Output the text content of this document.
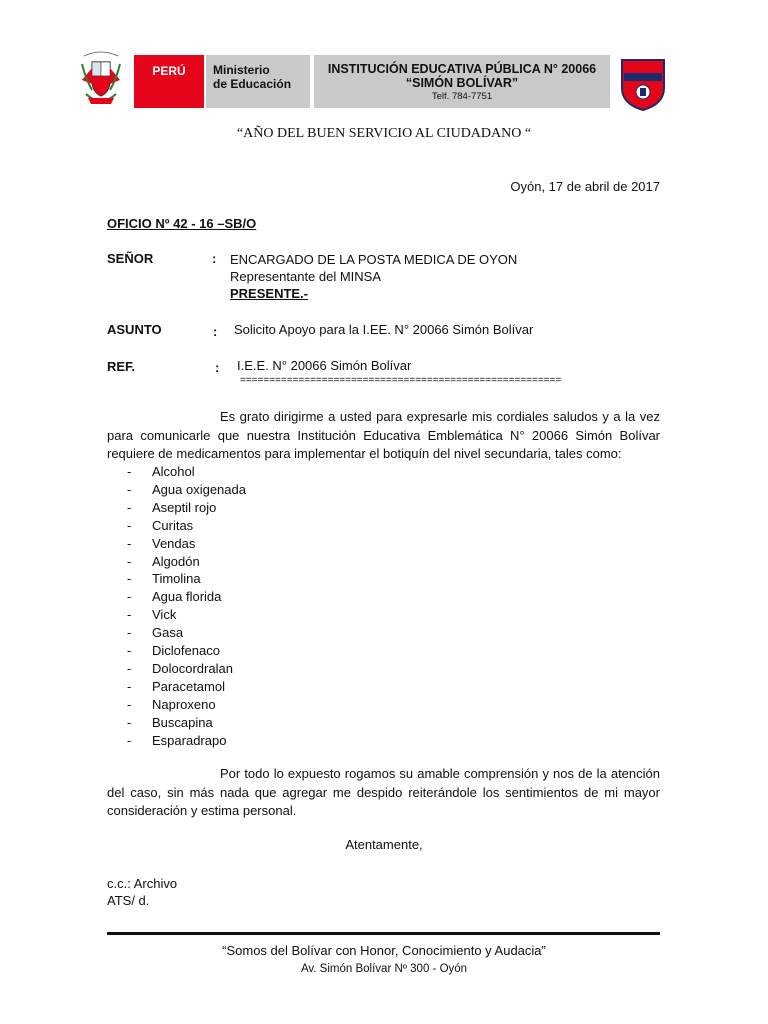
PERÚ	Ministerio
de Educación
INSTITUCIÓN EDUCATIVA PÚBLICA N° 20066
“SIMÓN BOLÍVAR”
Telf. 784-7751
“AÑO DEL BUEN SERVICIO AL CIUDADANO “
Oyón, 17 de abril de 2017
OFICIO Nº 42 - 16 –SB/O
SEÑOR	: ENCARGADO DE LA POSTA MEDICA DE OYON
Representante del MINSA
PRESENTE.-
ASUNTO	: Solicito Apoyo para la I.EE. N° 20066 Simón Bolívar
REF.	: I.E.E. N° 20066 Simón Bolívar
=======================================================
Es grato dirigirme a usted para expresarle mis cordiales saludos y a la vez para comunicarle que nuestra Institución Educativa Emblemática N° 20066 Simón Bolívar requiere de medicamentos para implementar el botiquín del nivel secundaria, tales como:
- Alcohol
- Agua oxigenada
- Aseptil rojo
- Curitas
- Vendas
- Algodón
- Timolina
- Agua florida
- Vick
- Gasa
- Diclofenaco
- Dolocordralan
- Paracetamol
- Naproxeno
- Buscapina
- Esparadrapo
Por todo lo expuesto rogamos su amable comprensión y nos de la atención del caso, sin más nada que agregar me despido reiterándole los sentimientos de mi mayor consideración y estima personal.
Atentamente,
c.c.: Archivo
ATS/ d.
“Somos del Bolívar con Honor, Conocimiento y Audacia”
Av. Simón Bolívar Nº 300 - Oyón
